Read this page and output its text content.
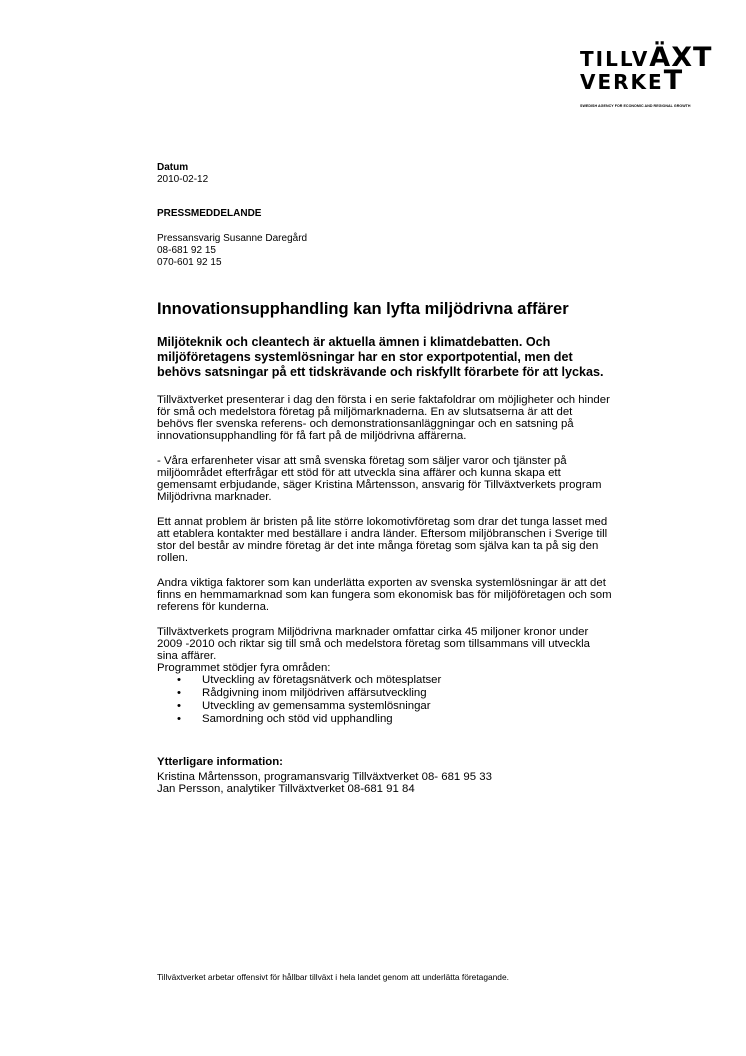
TILLVÄXT
VERKET
SWEDISH AGENCY FOR ECONOMIC AND REGIONAL GROWTH
Datum
2010-02-12
PRESSMEDDELANDE
Pressansvarig Susanne Daregård
08-681 92 15
070-601 92 15
Innovationsupphandling kan lyfta miljödrivna affärer

Miljöteknik och cleantech är aktuella ämnen i klimatdebatten. Och

miljöföretagens systemlösningar har en stor exportpotential, men det

behövs satsningar på ett tidskrävande och riskfyllt förarbete för att lyckas.

Tillväxtverket presenterar i dag den första i en serie faktafoldrar om möjligheter och hinder

för små och medelstora företag på miljömarknaderna. En av slutsatserna är att det

behövs fler svenska referens- och demonstrationsanläggningar och en satsning på

innovationsupphandling för få fart på de miljödrivna affärerna.

- Våra erfarenheter visar att små svenska företag som säljer varor och tjänster på

miljöområdet efterfrågar ett stöd för att utveckla sina affärer och kunna skapa ett

gemensamt erbjudande, säger Kristina Mårtensson, ansvarig för Tillväxtverkets program

Miljödrivna marknader.

Ett annat problem är bristen på lite större lokomotivföretag som drar det tunga lasset med

att etablera kontakter med beställare i andra länder. Eftersom miljöbranschen i Sverige till

stor del består av mindre företag är det inte många företag som själva kan ta på sig den

rollen.

Andra viktiga faktorer som kan underlätta exporten av svenska systemlösningar är att det

finns en hemmamarknad som kan fungera som ekonomisk bas för miljöföretagen och som

referens för kunderna.

Tillväxtverkets program Miljödrivna marknader omfattar cirka 45 miljoner kronor under

2009 -2010 och riktar sig till små och medelstora företag som tillsammans vill utveckla

sina affärer.

Programmet stödjer fyra områden:

• Utveckling av företagsnätverk och mötesplatser
• Rådgivning inom miljödriven affärsutveckling
• Utveckling av gemensamma systemlösningar
• Samordning och stöd vid upphandling

Ytterligare information:

Kristina Mårtensson, programansvarig Tillväxtverket 08- 681 95 33

Jan Persson, analytiker Tillväxtverket 08-681 91 84

Tillväxtverket arbetar offensivt för hållbar tillväxt i hela landet genom att underlätta företagande.
